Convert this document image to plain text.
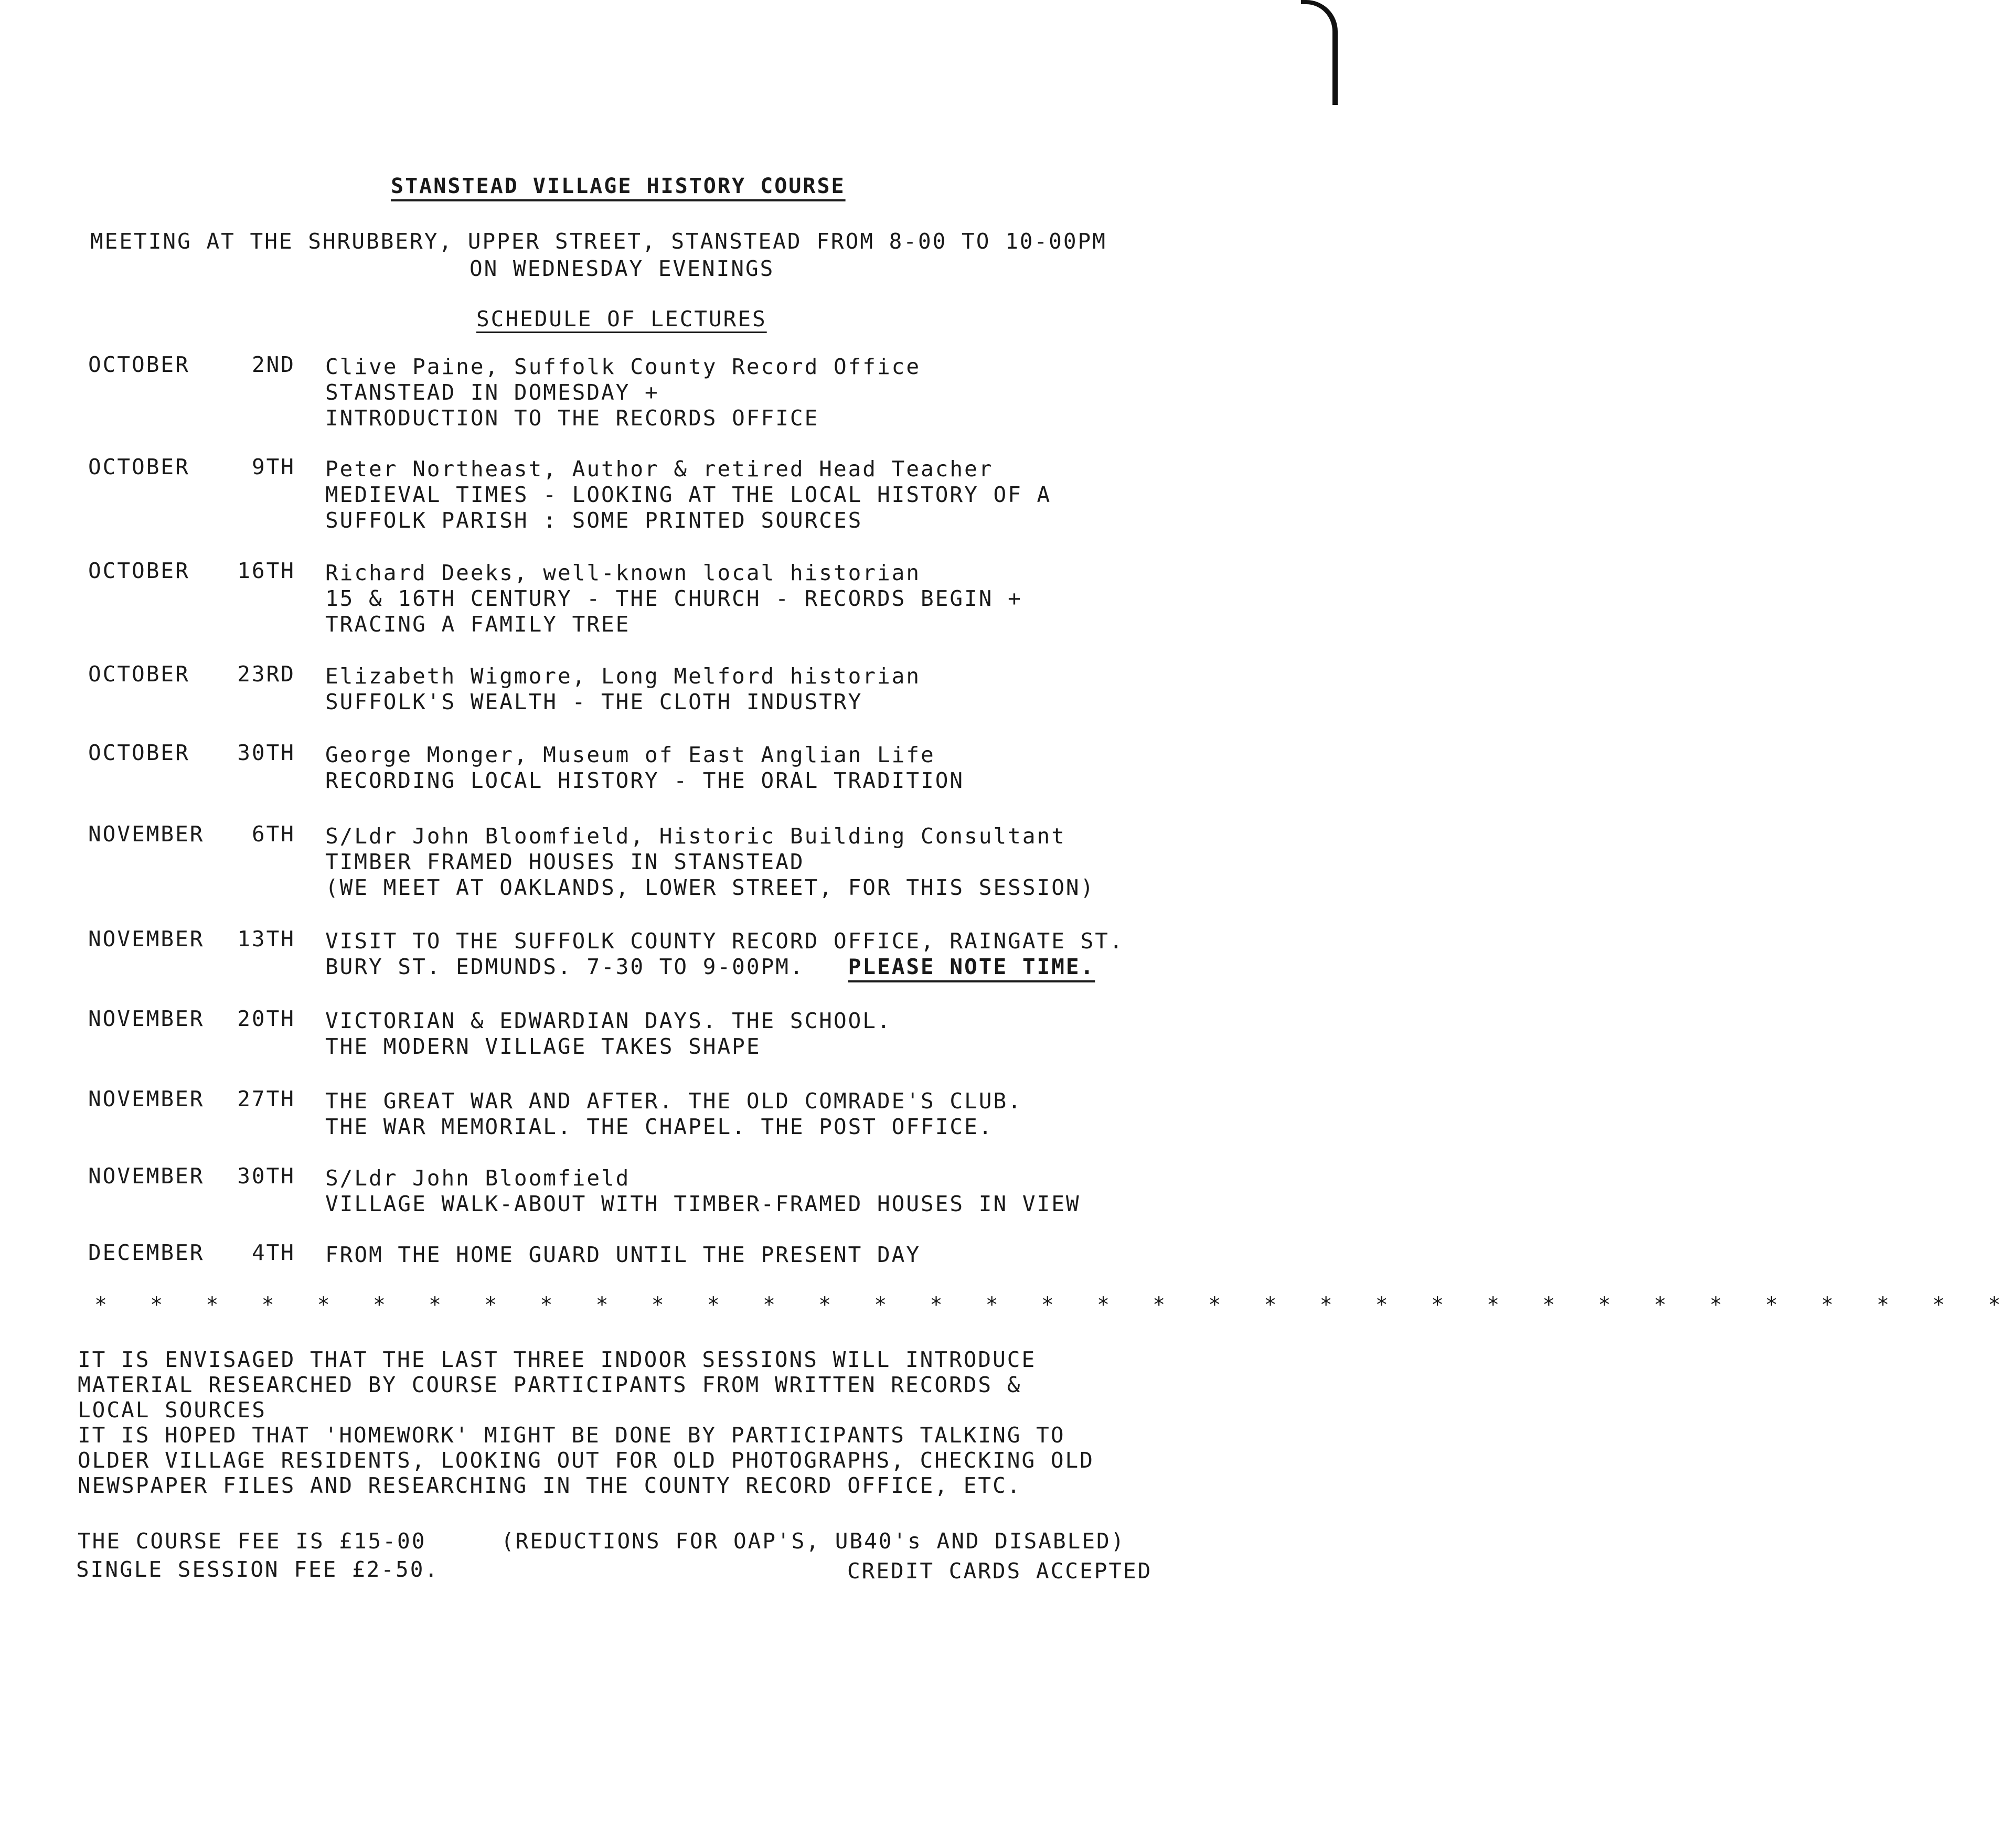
STANSTEAD VILLAGE HISTORY COURSE
MEETING AT THE SHRUBBERY, UPPER STREET, STANSTEAD FROM 8-00 TO 10-00PM
ON WEDNESDAY EVENINGS
SCHEDULE OF LECTURES
OCTOBER	2ND Clive Paine, Suffolk County Record Office
STANSTEAD IN DOMESDAY +
INTRODUCTION TO THE RECORDS OFFICE
OCTOBER	9TH Peter Northeast, Author & retired Head Teacher
MEDIEVAL TIMES - LOOKING AT THE LOCAL HISTORY OF A
SUFFOLK PARISH : SOME PRINTED SOURCES
OCTOBER 16TH Richard Deeks, well-known local historian
15 & 16TH CENTURY - THE CHURCH - RECORDS BEGIN +
TRACING A FAMILY TREE
OCTOBER 23RD Elizabeth Wigmore, Long Melford historian
SUFFOLK'S WEALTH - THE CLOTH INDUSTRY
OCTOBER 30TH George Monger, Museum of East Anglian Life
RECORDING LOCAL HISTORY - THE ORAL TRADITION
NOVEMBER 6TH S/Ldr John Bloomfield, Historic Building Consultant
TIMBER FRAMED HOUSES IN STANSTEAD
(WE MEET AT OAKLANDS, LOWER STREET, FOR THIS SESSION)
NOVEMBER 13TH VISIT TO THE SUFFOLK COUNTY RECORD OFFICE, RAINGATE ST.
BURY ST. EDMUNDS. 7-30 TO 9-00PM. PLEASE NOTE TIME.
NOVEMBER 20TH VICTORIAN & EDWARDIAN DAYS. THE SCHOOL.
THE MODERN VILLAGE TAKES SHAPE
NOVEMBER 27TH THE GREAT WAR AND AFTER. THE OLD COMRADE'S CLUB.
THE WAR MEMORIAL. THE CHAPEL. THE POST OFFICE.
NOVEMBER 30TH S/Ldr John Bloomfield
VILLAGE WALK-ABOUT WITH TIMBER-FRAMED HOUSES IN VIEW
DECEMBER 4TH FROM THE HOME GUARD UNTIL THE PRESENT DAY
* * * * * * * * * * * * * * * * * * * * * * * * * * * * * * * * * * *
IT IS ENVISAGED THAT THE LAST THREE INDOOR SESSIONS WILL INTRODUCE
MATERIAL RESEARCHED BY COURSE PARTICIPANTS FROM WRITTEN RECORDS &
LOCAL SOURCES
IT IS HOPED THAT 'HOMEWORK' MIGHT BE DONE BY PARTICIPANTS TALKING TO
OLDER VILLAGE RESIDENTS, LOOKING OUT FOR OLD PHOTOGRAPHS, CHECKING OLD
NEWSPAPER FILES AND RESEARCHING IN THE COUNTY RECORD OFFICE, ETC.
THE COURSE FEE IS £15-00	(REDUCTIONS FOR OAP'S, UB40's AND DISABLED)
SINGLE SESSION FEE £2-50.	CREDIT CARDS ACCEPTED
